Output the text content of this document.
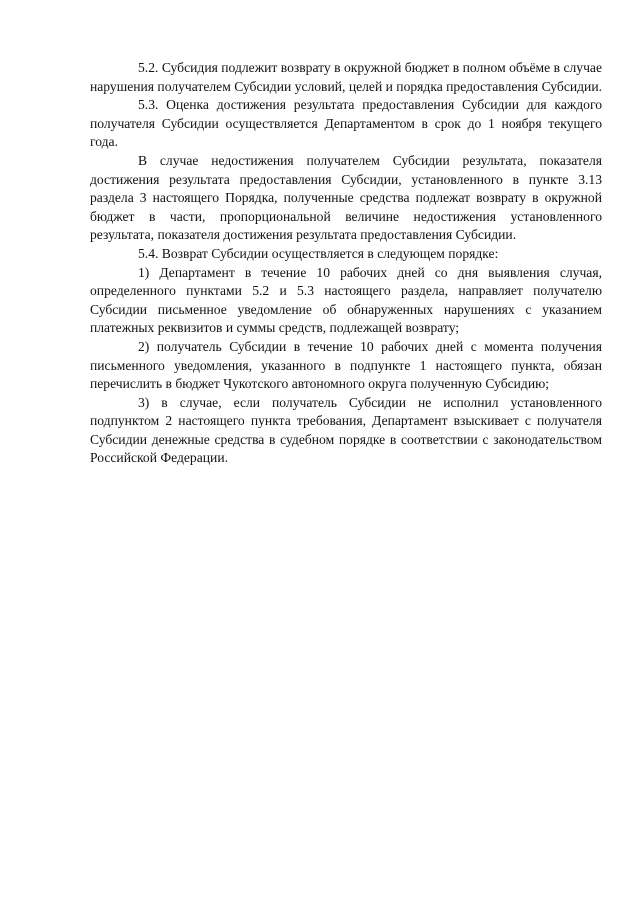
5.2. Субсидия подлежит возврату в окружной бюджет в полном объёме в случае нарушения получателем Субсидии условий, целей и порядка предоставления Субсидии.

5.3. Оценка достижения результата предоставления Субсидии для каждого получателя Субсидии осуществляется Департаментом в срок до 1 ноября текущего года.

В случае недостижения получателем Субсидии результата, показателя достижения результата предоставления Субсидии, установленного в пункте 3.13 раздела 3 настоящего Порядка, полученные средства подлежат возврату в окружной бюджет в части, пропорциональной величине недостижения установленного результата, показателя достижения результата предоставления Субсидии.

5.4. Возврат Субсидии осуществляется в следующем порядке:

1) Департамент в течение 10 рабочих дней со дня выявления случая, определенного пунктами 5.2 и 5.3 настоящего раздела, направляет получателю Субсидии письменное уведомление об обнаруженных нарушениях с указанием платежных реквизитов и суммы средств, подлежащей возврату;

2) получатель Субсидии в течение 10 рабочих дней с момента получения письменного уведомления, указанного в подпункте 1 настоящего пункта, обязан перечислить в бюджет Чукотского автономного округа полученную Субсидию;

3) в случае, если получатель Субсидии не исполнил установленного подпунктом 2 настоящего пункта требования, Департамент взыскивает с получателя Субсидии денежные средства в судебном порядке в соответствии с законодательством Российской Федерации.
